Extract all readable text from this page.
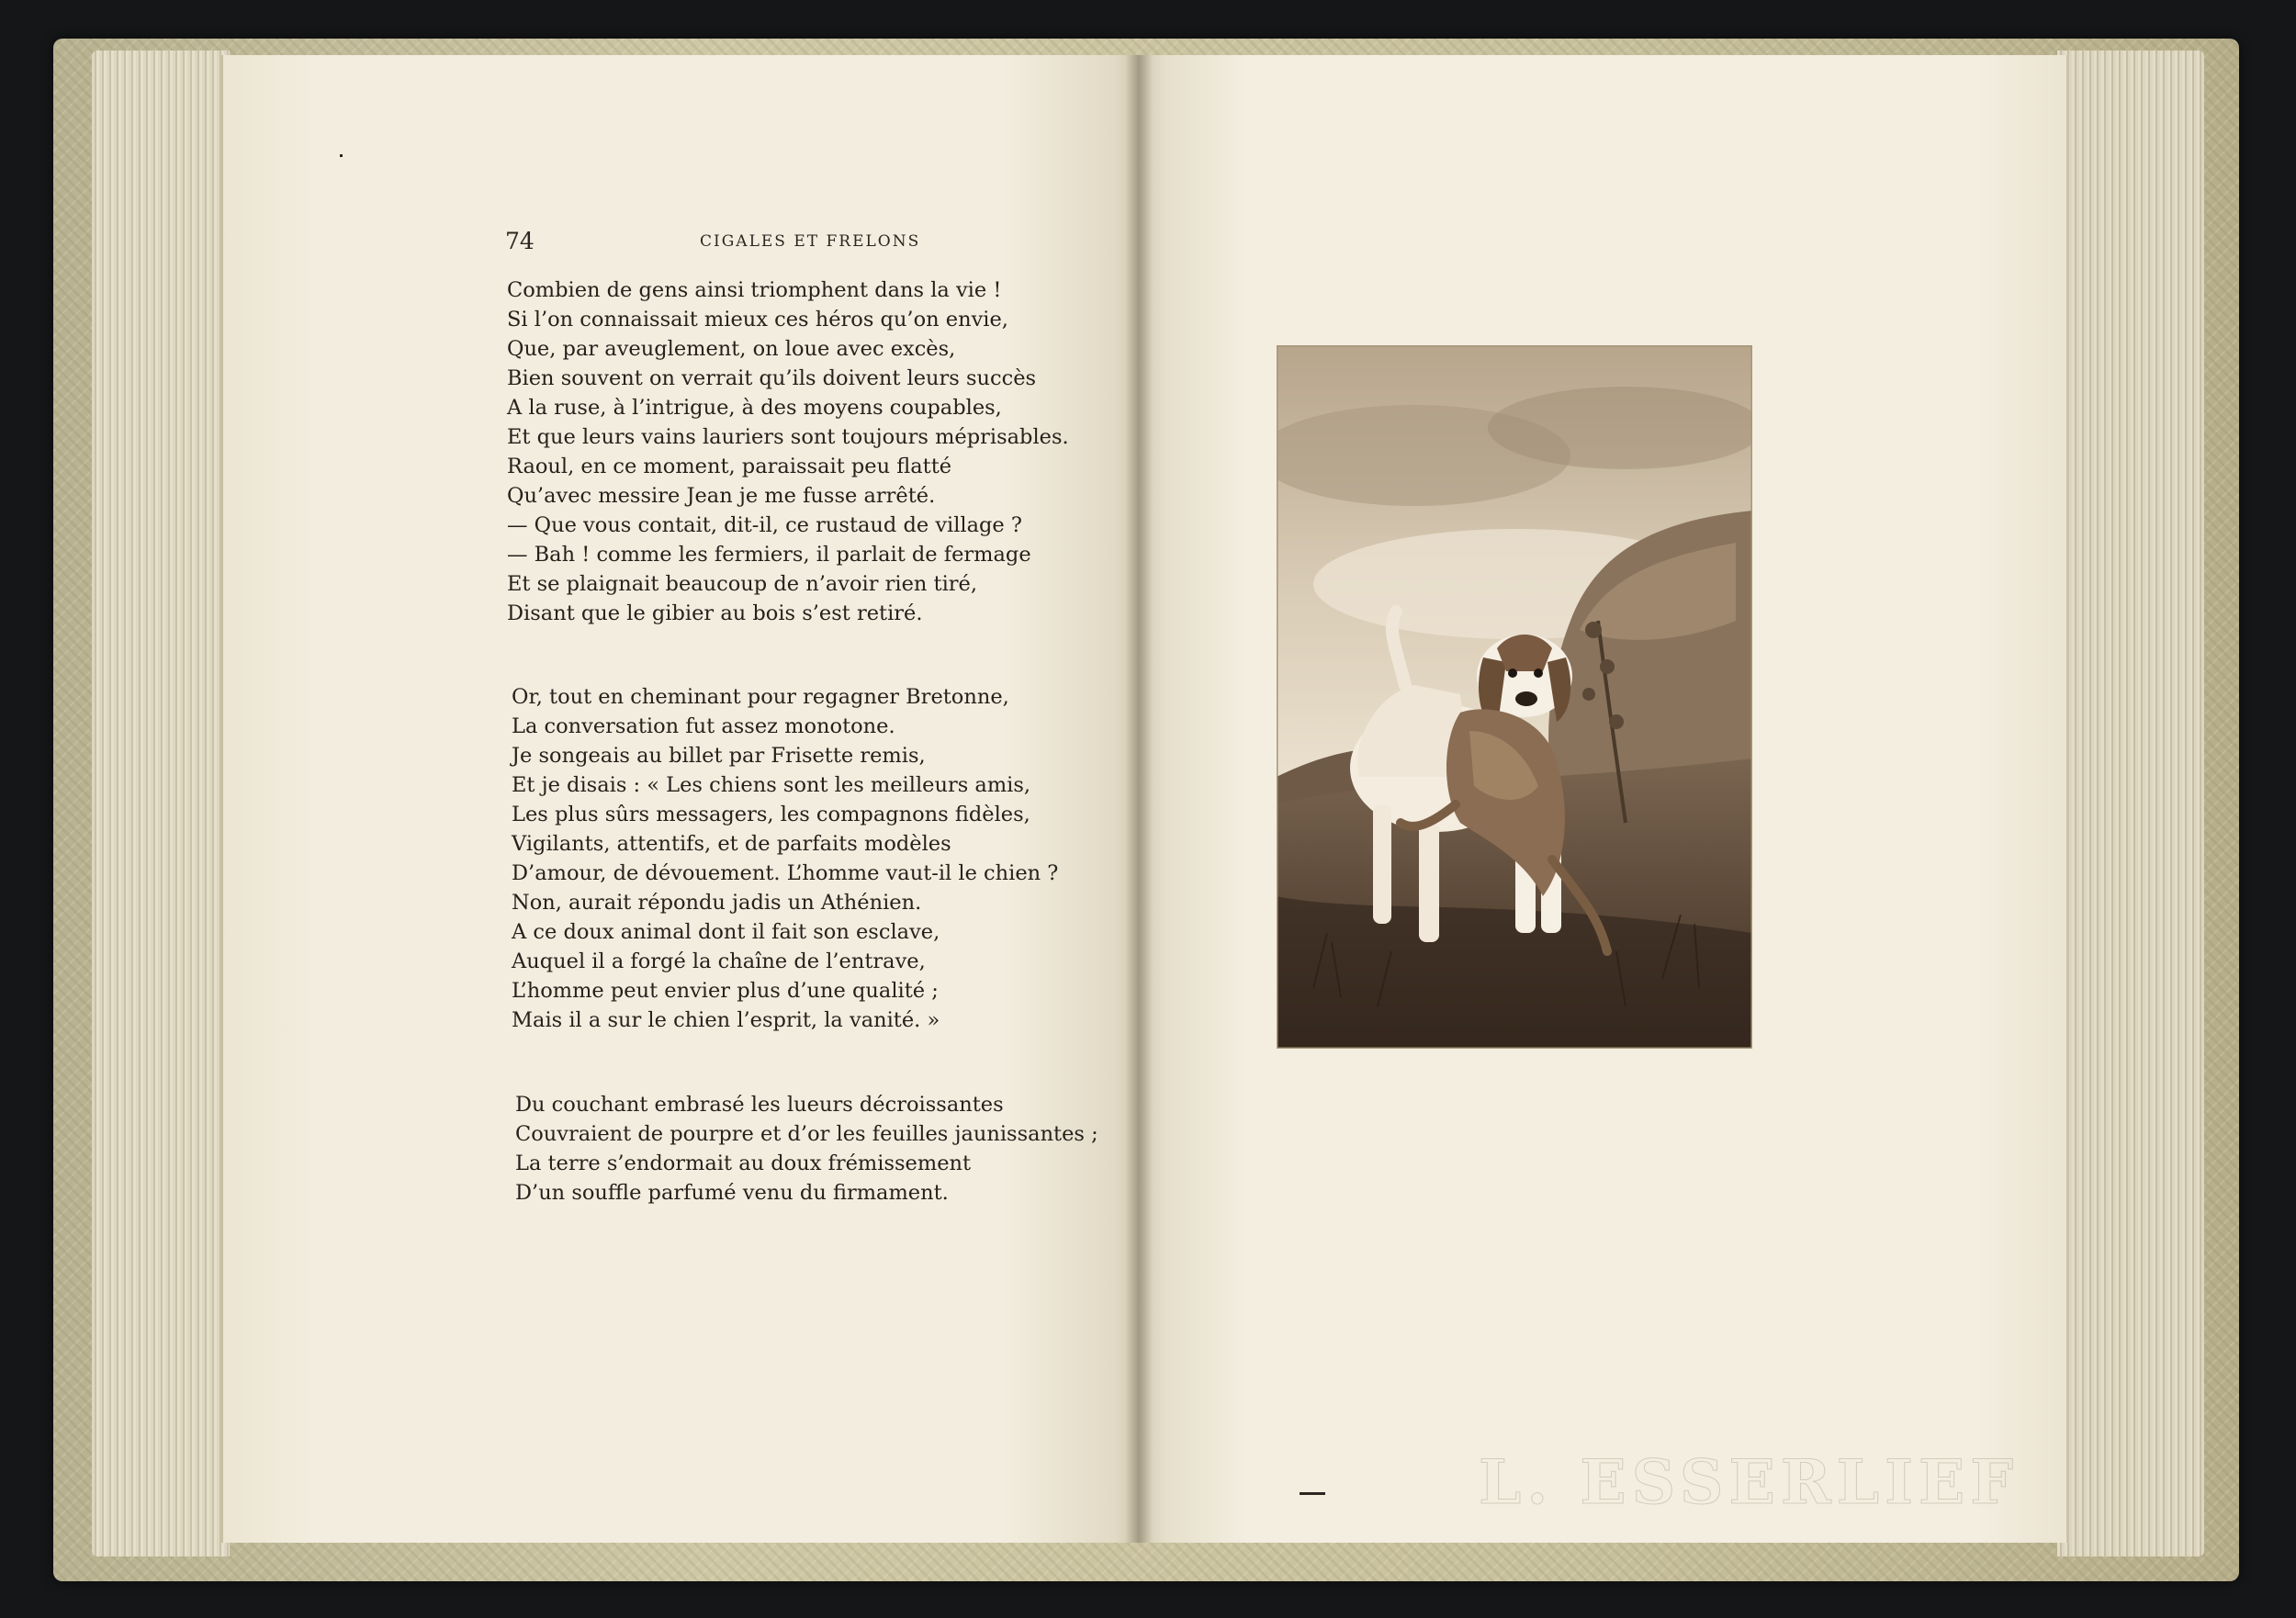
74	CIGALES ET FRELONS
Combien de gens ainsi triomphent dans la vie !
Si l’on connaissait mieux ces héros qu’on envie,
Que, par aveuglement, on loue avec excès,
Bien souvent on verrait qu’ils doivent leurs succès
A la ruse, à l’intrigue, à des moyens coupables,
Et que leurs vains lauriers sont toujours méprisables.
Raoul, en ce moment, paraissait peu flatté
Qu’avec messire Jean je me fusse arrêté.
— Que vous contait, dit-il, ce rustaud de village ?
— Bah ! comme les fermiers, il parlait de fermage
Et se plaignait beaucoup de n’avoir rien tiré,
Disant que le gibier au bois s’est retiré.
Or, tout en cheminant pour regagner Bretonne,
La conversation fut assez monotone.
Je songeais au billet par Frisette remis,
Et je disais : « Les chiens sont les meilleurs amis,
Les plus sûrs messagers, les compagnons fidèles,
Vigilants, attentifs, et de parfaits modèles
D’amour, de dévouement. L’homme vaut-il le chien ?
Non, aurait répondu jadis un Athénien.
A ce doux animal dont il fait son esclave,
Auquel il a forgé la chaîne de l’entrave,
L’homme peut envier plus d’une qualité ;
Mais il a sur le chien l’esprit, la vanité. »
Du couchant embrasé les lueurs décroissantes
Couvraient de pourpre et d’or les feuilles jaunissantes ;
La terre s’endormait au doux frémissement
D’un souffle parfumé venu du firmament.
L. ESSERLIEF
